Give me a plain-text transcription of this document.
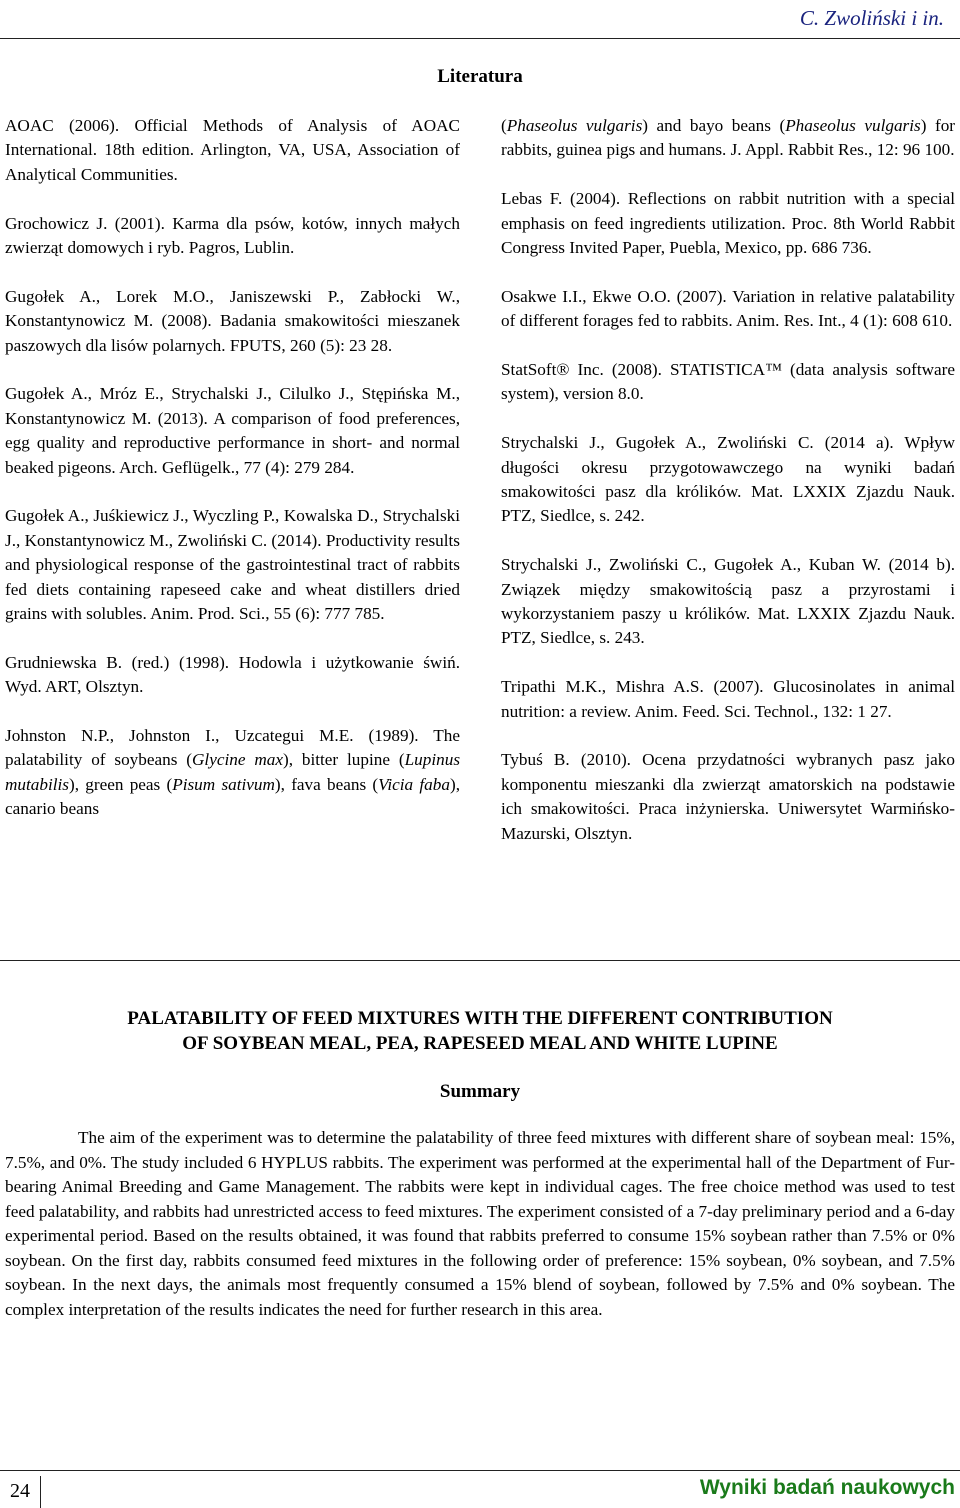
C. Zwoliński i in.
Literatura

AOAC (2006). Official Methods of Analysis of AOAC International. 18th edition. Arlington, VA, USA, Association of Analytical Communities.

Grochowicz J. (2001). Karma dla psów, kotów, innych małych zwierząt domowych i ryb. Pagros, Lublin.

Gugołek A., Lorek M.O., Janiszewski P., Zabłocki W., Konstantynowicz M. (2008). Badania smakowitości mieszanek paszowych dla lisów polarnych. FPUTS, 260 (5): 23 28.

Gugołek A., Mróz E., Strychalski J., Cilulko J., Stępińska M., Konstantynowicz M. (2013). A comparison of food preferences, egg quality and reproductive performance in short- and normal beaked pigeons. Arch. Geflügelk., 77 (4): 279 284.

Gugołek A., Juśkiewicz J., Wyczling P., Kowalska D., Strychalski J., Konstantynowicz M., Zwoliński C. (2014). Productivity results and physiological response of the gastrointestinal tract of rabbits fed diets containing rapeseed cake and wheat distillers dried grains with solubles. Anim. Prod. Sci., 55 (6): 777 785.

Grudniewska B. (red.) (1998). Hodowla i użytkowanie świń. Wyd. ART, Olsztyn.

Johnston N.P., Johnston I., Uzcategui M.E. (1989). The palatability of soybeans (Glycine max), bitter lupine (Lupinus mutabilis), green peas (Pisum sativum), fava beans (Vicia faba), canario beans

(Phaseolus vulgaris) and bayo beans (Phaseolus vulgaris) for rabbits, guinea pigs and humans. J. Appl. Rabbit Res., 12: 96 100.

Lebas F. (2004). Reflections on rabbit nutrition with a special emphasis on feed ingredients utilization. Proc. 8th World Rabbit Congress Invited Paper, Puebla, Mexico, pp. 686 736.

Osakwe I.I., Ekwe O.O. (2007). Variation in relative palatability of different forages fed to rabbits. Anim. Res. Int., 4 (1): 608 610.

StatSoft® Inc. (2008). STATISTICA™ (data analysis software system), version 8.0.

Strychalski J., Gugołek A., Zwoliński C. (2014 a). Wpływ długości okresu przygotowawczego na wyniki badań smakowitości pasz dla królików. Mat. LXXIX Zjazdu Nauk. PTZ, Siedlce, s. 242.

Strychalski J., Zwoliński C., Gugołek A., Kuban W. (2014 b). Związek między smakowitością pasz a przyrostami i wykorzystaniem paszy u królików. Mat. LXXIX Zjazdu Nauk. PTZ, Siedlce, s. 243.

Tripathi M.K., Mishra A.S. (2007). Glucosinolates in animal nutrition: a review. Anim. Feed. Sci. Technol., 132: 1 27.

Tybuś B. (2010). Ocena przydatności wybranych pasz jako komponentu mieszanki dla zwierząt amatorskich na podstawie ich smakowitości. Praca inżynierska. Uniwersytet Warmińsko-Mazurski, Olsztyn.

PALATABILITY OF FEED MIXTURES WITH THE DIFFERENT CONTRIBUTION
OF SOYBEAN MEAL, PEA, RAPESEED MEAL AND WHITE LUPINE
Summary

The aim of the experiment was to determine the palatability of three feed mixtures with different share of soybean meal: 15%, 7.5%, and 0%. The study included 6 HYPLUS rabbits. The experiment was performed at the experimental hall of the Department of Fur-bearing Animal Breeding and Game Management. The rabbits were kept in individual cages. The free choice method was used to test feed palatability, and rabbits had unrestricted access to feed mixtures. The experiment consisted of a 7-day preliminary period and a 6-day experimental period. Based on the results obtained, it was found that rabbits preferred to consume 15% soybean rather than 7.5% or 0% soybean. On the first day, rabbits consumed feed mixtures in the following order of preference: 15% soybean, 0% soybean, and 7.5% soybean. In the next days, the animals most frequently consumed a 15% blend of soybean, followed by 7.5% and 0% soybean. The complex interpretation of the results indicates the need for further research in this area.

24	Wyniki badań naukowych
